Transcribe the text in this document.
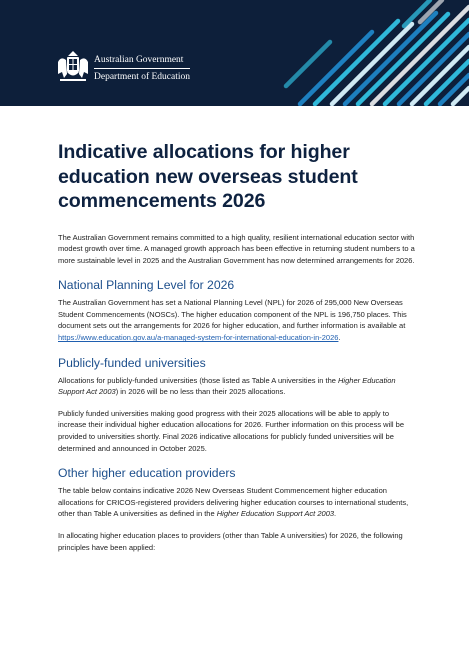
Australian Government
Department of Education
Indicative allocations for higher education new overseas student commencements 2026

The Australian Government remains committed to a high quality, resilient international education sector with modest growth over time. A managed growth approach has been effective in returning student numbers to a more sustainable level in 2025 and the Australian Government has now determined arrangements for 2026.

National Planning Level for 2026

The Australian Government has set a National Planning Level (NPL) for 2026 of 295,000 New Overseas Student Commencements (NOSCs). The higher education component of the NPL is 196,750 places. This document sets out the arrangements for 2026 for higher education, and further information is available at https://www.education.gov.au/a-managed-system-for-international-education-in-2026.

Publicly-funded universities

Allocations for publicly-funded universities (those listed as Table A universities in the Higher Education Support Act 2003) in 2026 will be no less than their 2025 allocations.

Publicly funded universities making good progress with their 2025 allocations will be able to apply to increase their individual higher education allocations for 2026. Further information on this process will be provided to universities shortly. Final 2026 indicative allocations for publicly funded universities will be determined and announced in October 2025.

Other higher education providers

The table below contains indicative 2026 New Overseas Student Commencement higher education allocations for CRICOS-registered providers delivering higher education courses to international students, other than Table A universities as defined in the Higher Education Support Act 2003.

In allocating higher education places to providers (other than Table A universities) for 2026, the following principles have been applied:
